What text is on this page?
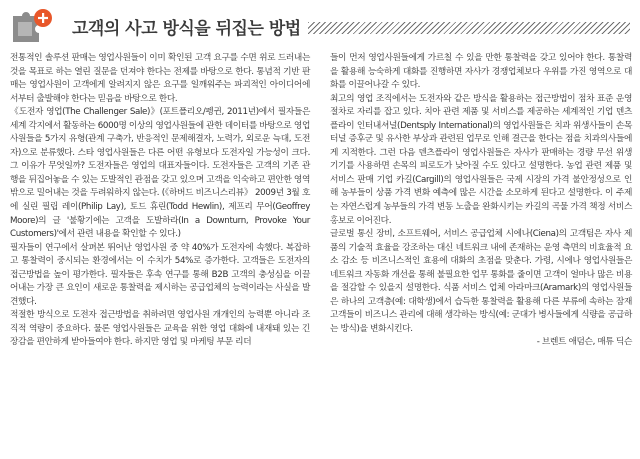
고객의 사고 방식을 뒤집는 방법

전통적인 솔루션 판매는 영업사원들이 이미 확인된 고객 요구를 수면 위로 드러내는 것을 목표로 하는 열린 질문을 던져야 한다는 전제를 바탕으로 한다. 통념적 기반 판매는 영업사원이 고객에게 알려지지 않은 요구를 일깨워주는 파괴적인 아이디어에서부터 출발해야 한다는 믿음을 바탕으로 한다.

《도전자 영업(The Challenger Sale)》(포트폴리오/펭귄, 2011년)에서 필자들은 세계 각지에서 활동하는 6000명 이상의 영업사원들에 관한 데이터를 바탕으로 영업사원들을 5가지 유형(관계 구축가, 반응적인 문제해결자, 노력가, 외로운 늑대, 도전자)으로 분류했다. 스타 영업사원들은 다른 어떤 유형보다 도전자일 가능성이 크다. 그 이유가 무엇일까? 도전자들은 영업의 대표자들이다. 도전자들은 고객의 기존 관행을 뒤집어놓을 수 있는 도발적인 관점을 갖고 있으며 고객을 익숙하고 편안한 영역 밖으로 밀어내는 것을 두려워하지 않는다. (《하버드 비즈니스리뷰》 2009년 3월 호에 실린 필립 레이(Philip Lay), 토드 휴린(Todd Hewlin), 제프리 무어(Geoffrey Moore)의 글 '불황기에는 고객을 도발하라(In a Downturn, Provoke Your Customers)'에서 관련 내용을 확인할 수 있다.)

필자들이 연구에서 살펴본 뛰어난 영업사원 중 약 40%가 도전자에 속했다. 복잡하고 통찰력이 중시되는 환경에서는 이 수치가 54%로 증가한다. 고객들은 도전자의 접근방법을 높이 평가한다. 필자들은 후속 연구를 통해 B2B 고객의 충성심을 이끌어내는 가장 큰 요인이 새로운 통찰력을 제시하는 공급업체의 능력이라는 사실을 발견했다.

적절한 방식으로 도전자 접근방법을 취하려면 영업사원 개개인의 능력뿐 아니라 조직적 역량이 중요하다. 물론 영업사원들은 교육을 위한 영업 대화에 내재돼 있는 긴장감을 편안하게 받아들여야 한다. 하지만 영업 및 마케팅 부문 리더

들이 먼저 영업사원들에게 가르칠 수 있을 만한 통찰력을 갖고 있어야 한다. 통찰력을 활용해 능숙하게 대화를 진행하면 자사가 경쟁업체보다 우위를 가진 영역으로 대화를 이끌어나갈 수 있다.

최고의 영업 조직에서는 도전자와 같은 방식을 활용하는 접근방법이 점차 표준 운영 절차로 자리를 잡고 있다. 치아 관련 제품 및 서비스를 제공하는 세계적인 기업 덴츠플라이 인터내셔널(Dentsply International)의 영업사원들은 치과 위생사들이 손목 터널 증후군 및 유사한 부상과 관련된 업무로 인해 결근을 한다는 점을 치과의사들에게 지적한다. 그런 다음 덴츠플라이 영업사원들은 자사가 판매하는 경량 무선 위생 기기를 사용하면 손목의 피로도가 낮아질 수도 있다고 설명한다. 농업 관련 제품 및 서비스 판매 기업 카길(Cargill)의 영업사원들은 국제 시장의 가격 불안정성으로 인해 농부들이 상품 가격 변화 예측에 많은 시간을 소모하게 된다고 설명한다. 이 주제는 자연스럽게 농부들의 가격 변동 노출을 완화시키는 카길의 곡물 가격 책정 서비스 홍보로 이어진다.

글로벌 통신 장비, 소프트웨어, 서비스 공급업체 시에나(Ciena)의 고객팀은 자사 제품의 기술적 효율을 강조하는 대신 네트워크 내에 존재하는 운영 측면의 비효율적 요소 감소 등 비즈니스적인 효용에 대화의 초점을 맞춘다. 가령, 시에나 영업사원들은 네트워크 자동화 개선을 통해 불필요한 업무 통화를 줄이면 고객이 얼마나 많은 비용을 절감할 수 있을지 설명한다. 식품 서비스 업체 아라마크(Aramark)의 영업사원들은 하나의 고객층(예: 대학생)에서 습득한 통찰력을 활용해 다른 부류에 속하는 잠재 고객들이 비즈니스 관리에 대해 생각하는 방식(예: 군대가 병사들에게 식량을 공급하는 방식)을 변화시킨다.

- 브렌트 애덤슨, 매튜 딕슨
